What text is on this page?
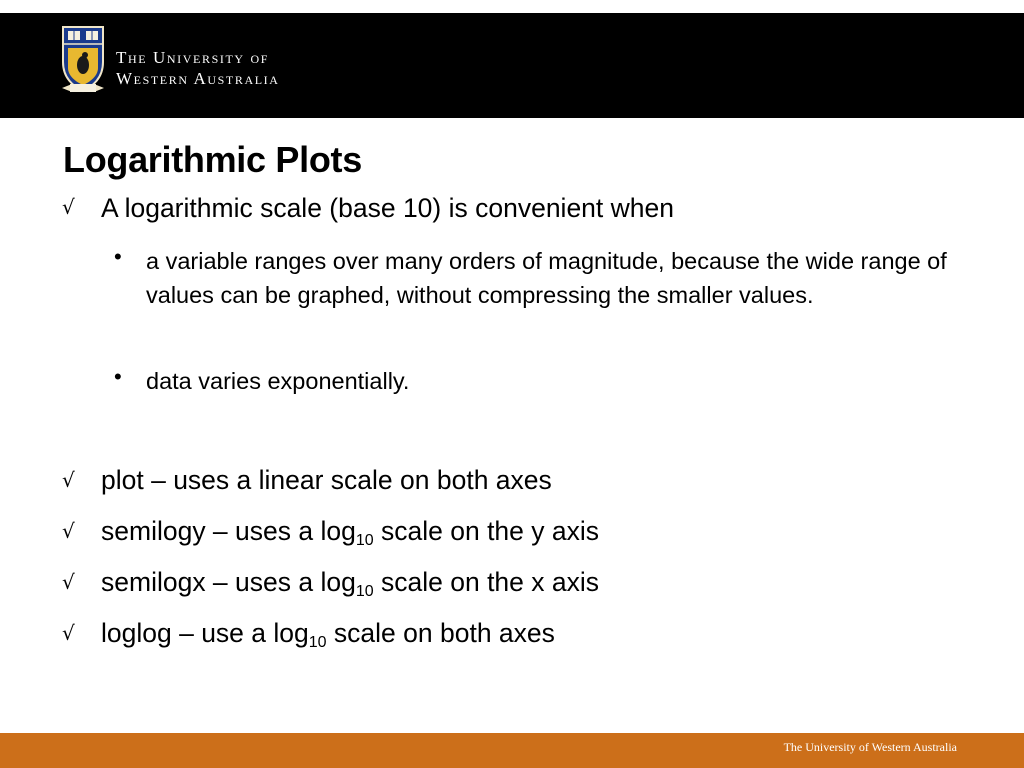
The University of
Western Australia
Logarithmic Plots
√ A logarithmic scale (base 10) is convenient when
• a variable ranges over many orders of magnitude, because the wide range of values can be graphed, without compressing the smaller values.
• data varies exponentially.
√ plot – uses a linear scale on both axes
√ semilogy – uses a $\log_{10}$ scale on the y axis
√ semilogx – uses a $\log_{10}$ scale on the x axis
√ loglog – use a $\log_{10}$ scale on both axes
The University of Western Australia
